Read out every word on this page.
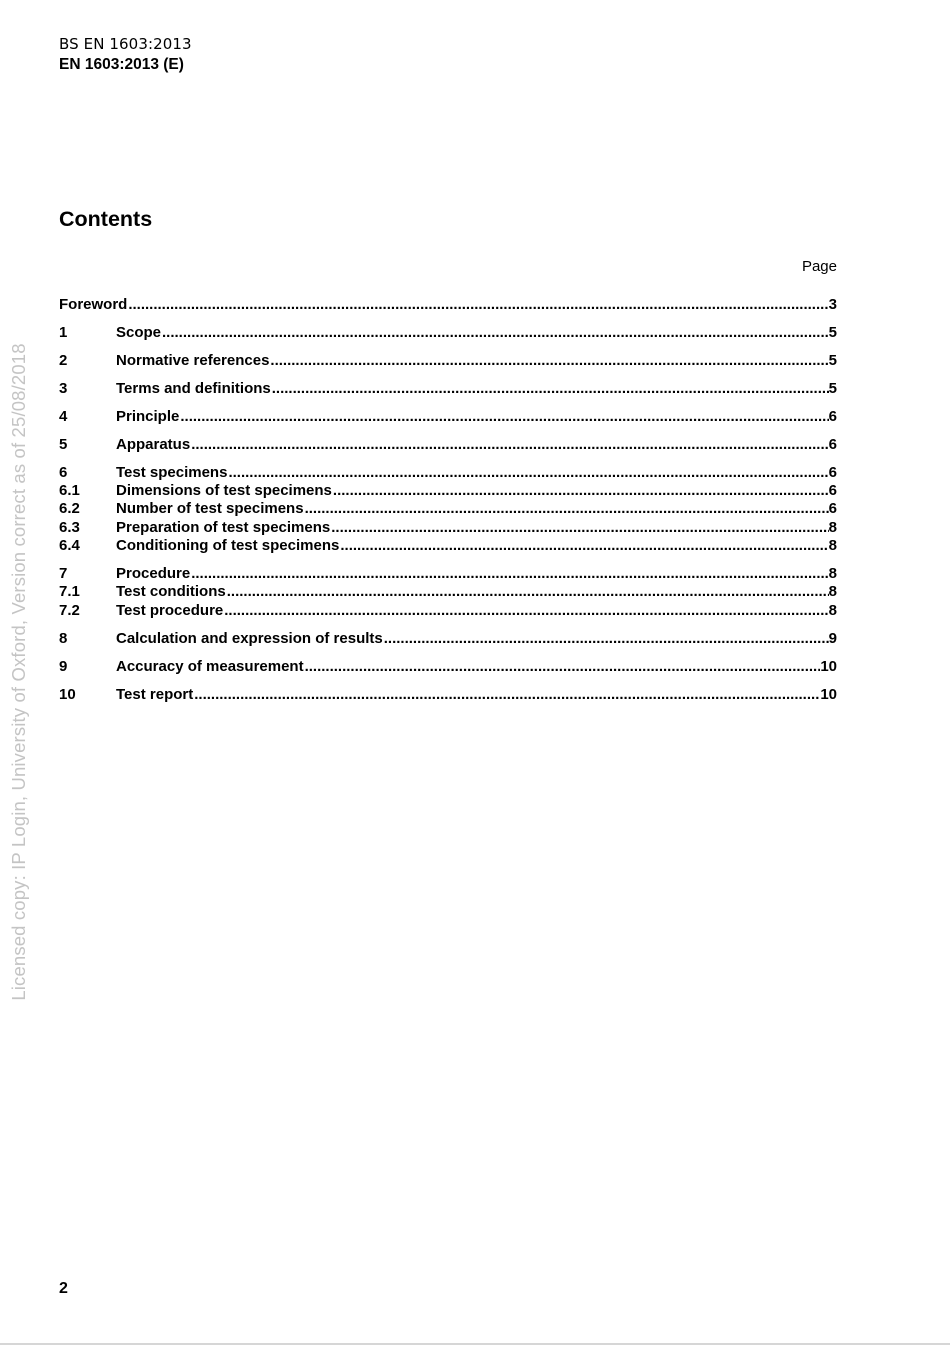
BS EN 1603:2013
EN 1603:2013 (E)
Licensed copy: IP Login, University of Oxford, Version correct as of 25/08/2018
Contents
Page
Foreword .....	3
1	Scope .....	5
2	Normative references .....	5
3	Terms and definitions .....	5
4	Principle .....	6
5	Apparatus .....	6
6	Test specimens .....	6
6.1	Dimensions of test specimens .....	6
6.2	Number of test specimens .....	6
6.3	Preparation of test specimens .....	8
6.4	Conditioning of test specimens .....	8
7	Procedure .....	8
7.1	Test conditions .....	8
7.2	Test procedure .....	8
8	Calculation and expression of results .....	9
9	Accuracy of measurement .....	10
10	Test report .....	10
2
